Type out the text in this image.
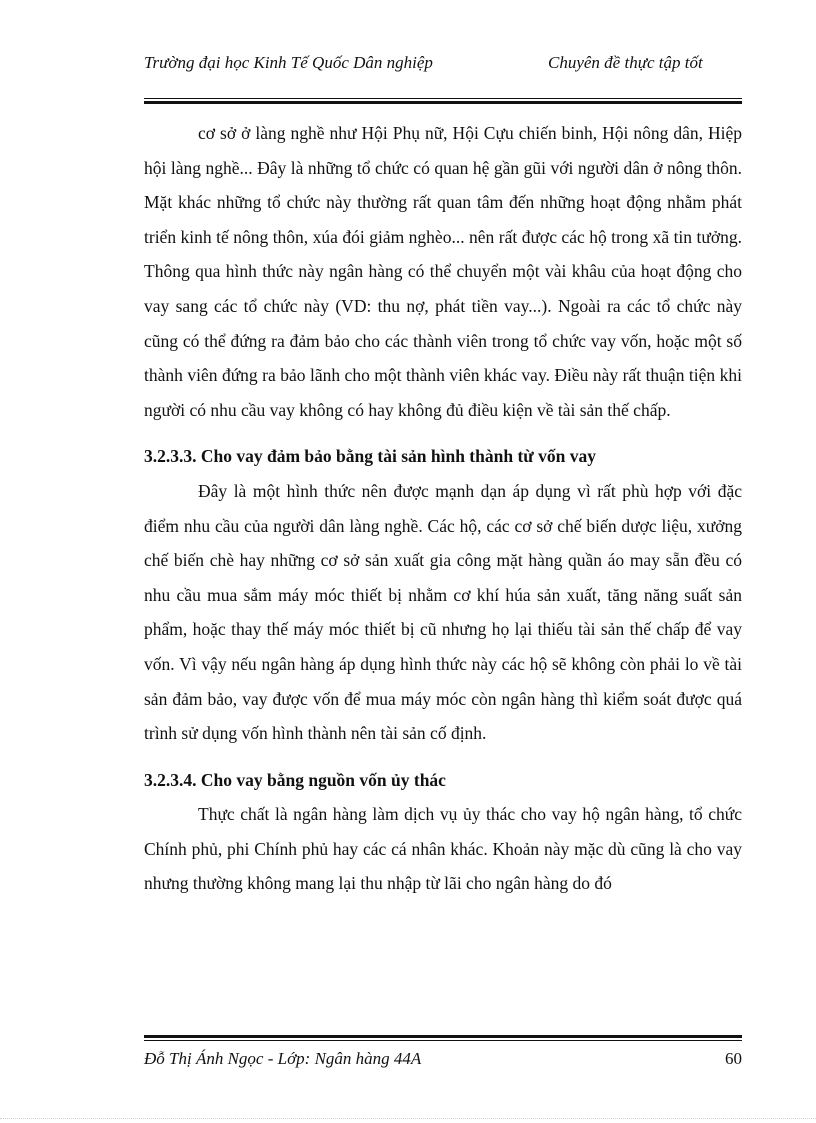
Trường đại học Kinh Tế Quốc Dân nghiệp	Chuyên đề thực tập tốt

cơ sở ở làng nghề như Hội Phụ nữ, Hội Cựu chiến binh, Hội nông dân, Hiệp hội làng nghề... Đây là những tổ chức có quan hệ gần gũi với người dân ở nông thôn. Mặt khác những tổ chức này thường rất quan tâm đến những hoạt động nhằm phát triển kinh tế nông thôn, xúa đói giảm nghèo... nên rất được các hộ trong xã tin tưởng. Thông qua hình thức này ngân hàng có thể chuyển một vài khâu của hoạt động cho vay sang các tổ chức này (VD: thu nợ, phát tiền vay...). Ngoài ra các tổ chức này cũng có thể đứng ra đảm bảo cho các thành viên trong tổ chức vay vốn, hoặc một số thành viên đứng ra bảo lãnh cho một thành viên khác vay. Điều này rất thuận tiện khi người có nhu cầu vay không có hay không đủ điều kiện về tài sản thế chấp.

3.2.3.3. Cho vay đảm bảo bằng tài sản hình thành từ vốn vay

Đây là một hình thức nên được mạnh dạn áp dụng vì rất phù hợp với đặc điểm nhu cầu của người dân làng nghề. Các hộ, các cơ sở chế biến dược liệu, xưởng chế biến chè hay những cơ sở sản xuất gia công mặt hàng quần áo may sẵn đều có nhu cầu mua sắm máy móc thiết bị nhằm cơ khí húa sản xuất, tăng năng suất sản phẩm, hoặc thay thế máy móc thiết bị cũ nhưng họ lại thiếu tài sản thế chấp để vay vốn. Vì vậy nếu ngân hàng áp dụng hình thức này các hộ sẽ không còn phải lo về tài sản đảm bảo, vay được vốn để mua máy móc còn ngân hàng thì kiểm soát được quá trình sử dụng vốn hình thành nên tài sản cố định.

3.2.3.4. Cho vay bằng nguồn vốn ủy thác

Thực chất là ngân hàng làm dịch vụ ủy thác cho vay hộ ngân hàng, tổ chức Chính phủ, phi Chính phủ hay các cá nhân khác. Khoản này mặc dù cũng là cho vay nhưng thường không mang lại thu nhập từ lãi cho ngân hàng do đó

Đỗ Thị Ánh Ngọc - Lớp: Ngân hàng 44A	60
